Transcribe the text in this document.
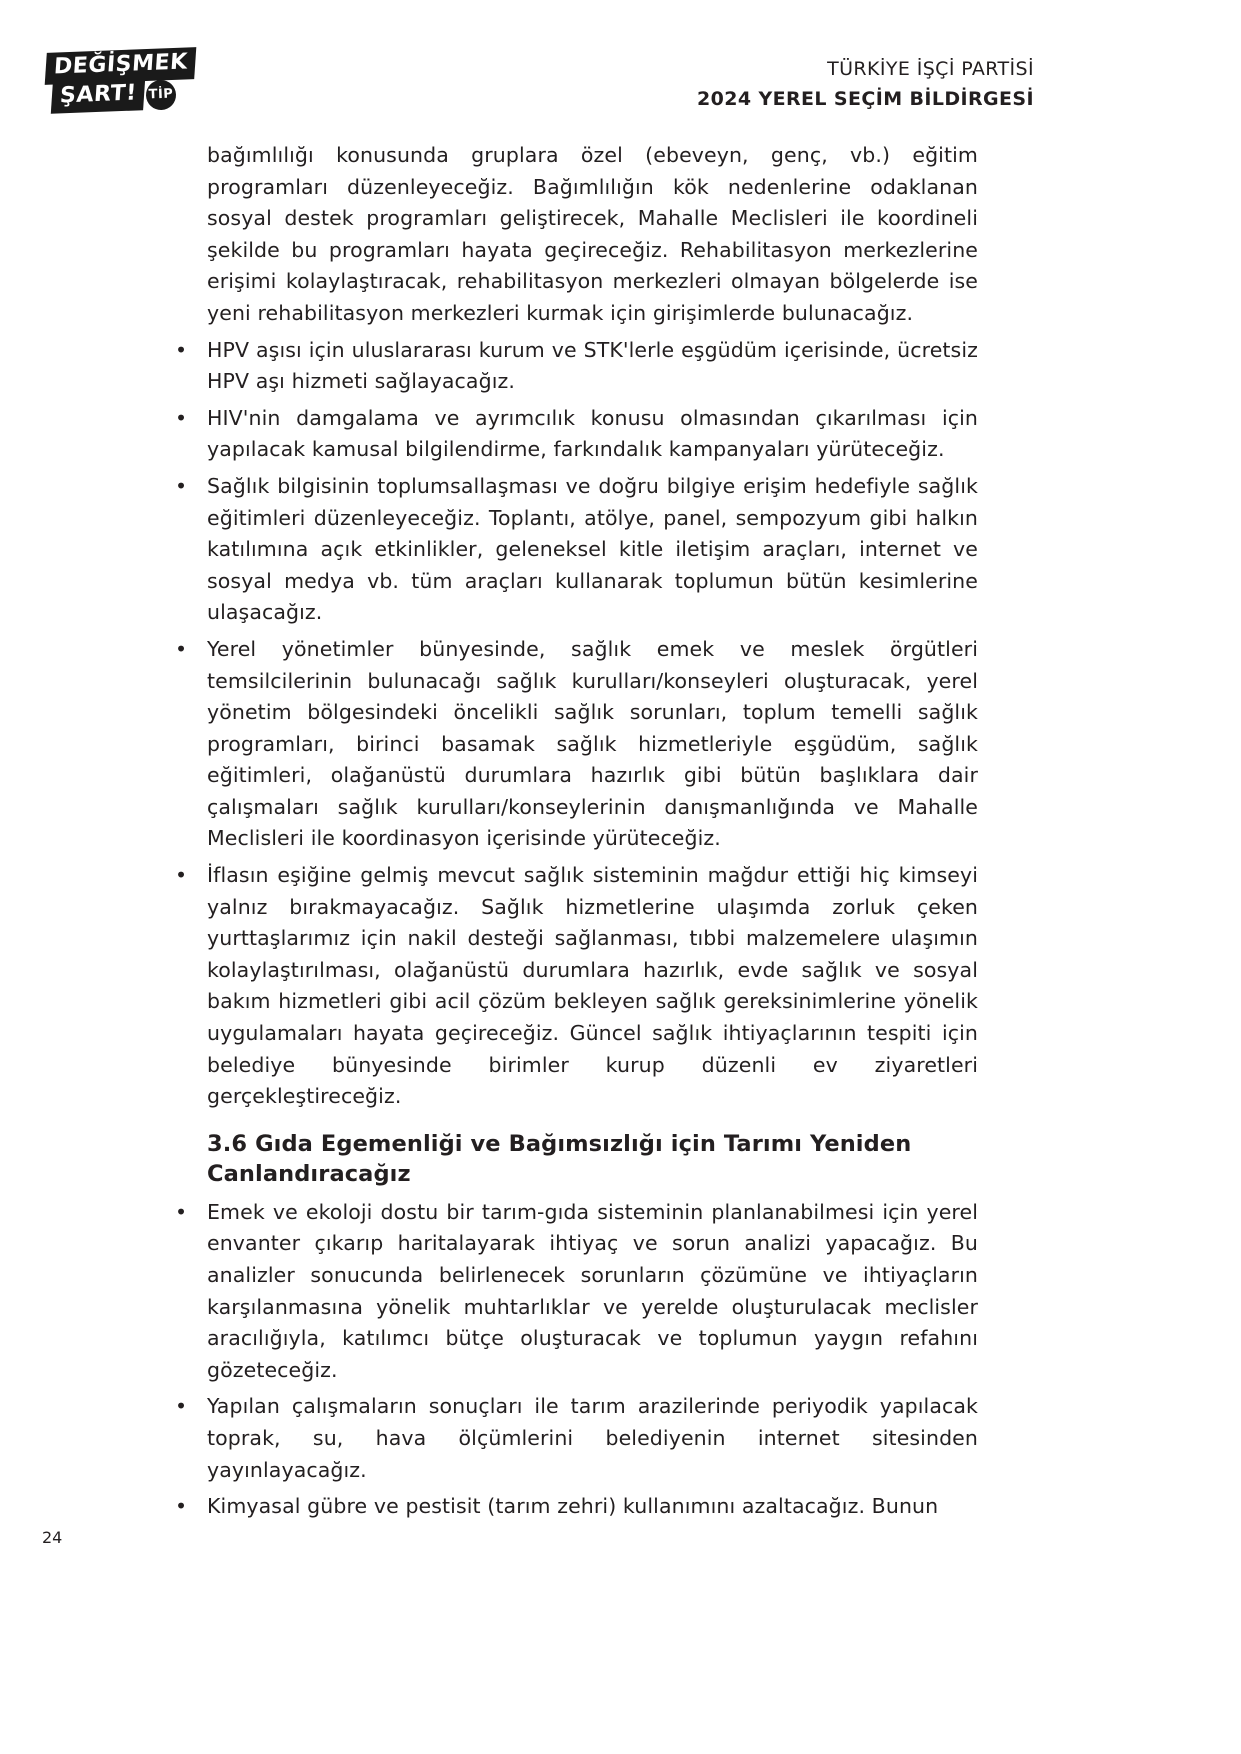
DEĞİŞMEK
ŞART! TİP
TÜRKİYE İŞÇİ PARTİSİ
2024 YEREL SEÇİM BİLDİRGESİ

bağımlılığı konusunda gruplara özel (ebeveyn, genç, vb.) eğitim programları düzenleyeceğiz. Bağımlılığın kök nedenlerine odaklanan sosyal destek programları geliştirecek, Mahalle Meclisleri ile koordineli şekilde bu programları hayata geçireceğiz. Rehabilitasyon merkezlerine erişimi kolaylaştıracak, rehabilitasyon merkezleri olmayan bölgelerde ise yeni rehabilitasyon merkezleri kurmak için girişimlerde bulunacağız.

• HPV aşısı için uluslararası kurum ve STK'lerle eşgüdüm içerisinde, ücretsiz HPV aşı hizmeti sağlayacağız.
• HIV'nin damgalama ve ayrımcılık konusu olmasından çıkarılması için yapılacak kamusal bilgilendirme, farkındalık kampanyaları yürüteceğiz.
• Sağlık bilgisinin toplumsallaşması ve doğru bilgiye erişim hedefiyle sağlık eğitimleri düzenleyeceğiz. Toplantı, atölye, panel, sempozyum gibi halkın katılımına açık etkinlikler, geleneksel kitle iletişim araçları, internet ve sosyal medya vb. tüm araçları kullanarak toplumun bütün kesimlerine ulaşacağız.
• Yerel yönetimler bünyesinde, sağlık emek ve meslek örgütleri temsilcilerinin bulunacağı sağlık kurulları/konseyleri oluşturacak, yerel yönetim bölgesindeki öncelikli sağlık sorunları, toplum temelli sağlık programları, birinci basamak sağlık hizmetleriyle eşgüdüm, sağlık eğitimleri, olağanüstü durumlara hazırlık gibi bütün başlıklara dair çalışmaları sağlık kurulları/konseylerinin danışmanlığında ve Mahalle Meclisleri ile koordinasyon içerisinde yürüteceğiz.
• İflasın eşiğine gelmiş mevcut sağlık sisteminin mağdur ettiği hiç kimseyi yalnız bırakmayacağız. Sağlık hizmetlerine ulaşımda zorluk çeken yurttaşlarımız için nakil desteği sağlanması, tıbbi malzemelere ulaşımın kolaylaştırılması, olağanüstü durumlara hazırlık, evde sağlık ve sosyal bakım hizmetleri gibi acil çözüm bekleyen sağlık gereksinimlerine yönelik uygulamaları hayata geçireceğiz. Güncel sağlık ihtiyaçlarının tespiti için belediye bünyesinde birimler kurup düzenli ev ziyaretleri gerçekleştireceğiz.
3.6 Gıda Egemenliği ve Bağımsızlığı için Tarımı Yeniden Canlandıracağız
• Emek ve ekoloji dostu bir tarım-gıda sisteminin planlanabilmesi için yerel envanter çıkarıp haritalayarak ihtiyaç ve sorun analizi yapacağız. Bu analizler sonucunda belirlenecek sorunların çözümüne ve ihtiyaçların karşılanmasına yönelik muhtarlıklar ve yerelde oluşturulacak meclisler aracılığıyla, katılımcı bütçe oluşturacak ve toplumun yaygın refahını gözeteceğiz.
• Yapılan çalışmaların sonuçları ile tarım arazilerinde periyodik yapılacak toprak, su, hava ölçümlerini belediyenin internet sitesinden yayınlayacağız.
• Kimyasal gübre ve pestisit (tarım zehri) kullanımını azaltacağız. Bunun
24
